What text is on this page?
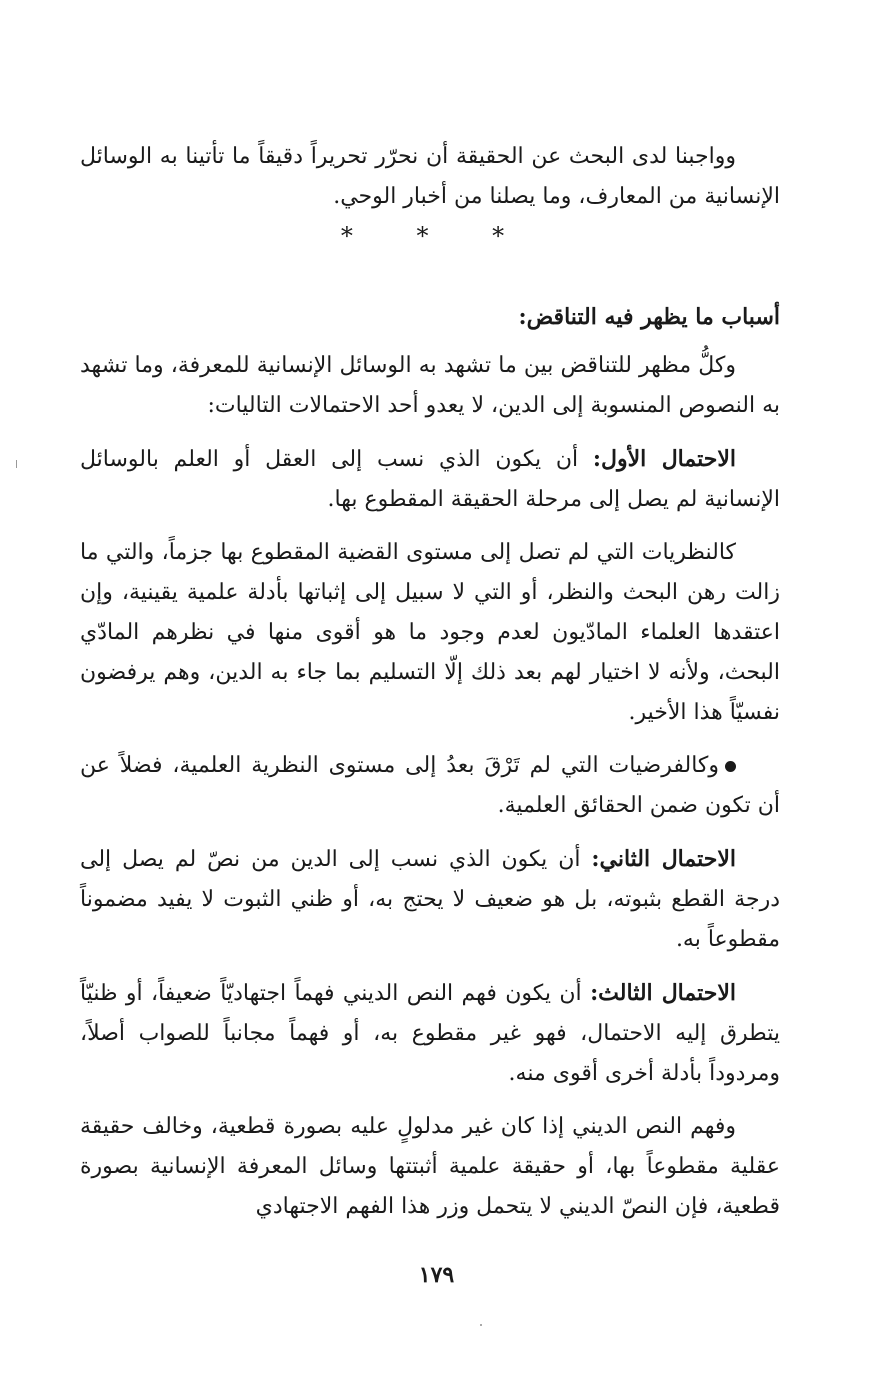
وواجبنا لدى البحث عن الحقيقة أن نحرّر تحريراً دقيقاً ما تأتينا به الوسائل الإنسانية من المعارف، وما يصلنا من أخبار الوحي.

* * *
أسباب ما يظهر فيه التناقض:

وكلُّ مظهر للتناقض بين ما تشهد به الوسائل الإنسانية للمعرفة، وما تشهد به النصوص المنسوبة إلى الدين، لا يعدو أحد الاحتمالات التاليات:

الاحتمال الأول: أن يكون الذي نسب إلى العقل أو العلم بالوسائل الإنسانية لم يصل إلى مرحلة الحقيقة المقطوع بها.

كالنظريات التي لم تصل إلى مستوى القضية المقطوع بها جزماً، والتي ما زالت رهن البحث والنظر، أو التي لا سبيل إلى إثباتها بأدلة علمية يقينية، وإن اعتقدها العلماء المادّيون لعدم وجود ما هو أقوى منها في نظرهم المادّي البحث، ولأنه لا اختيار لهم بعد ذلك إلّا التسليم بما جاء به الدين، وهم يرفضون نفسيّاً هذا الأخير.

وكالفرضيات التي لم تَرْقَ بعدُ إلى مستوى النظرية العلمية، فضلاً عن أن تكون ضمن الحقائق العلمية.

الاحتمال الثاني: أن يكون الذي نسب إلى الدين من نصّ لم يصل إلى درجة القطع بثبوته، بل هو ضعيف لا يحتج به، أو ظني الثبوت لا يفيد مضموناً مقطوعاً به.

الاحتمال الثالث: أن يكون فهم النص الديني فهماً اجتهاديّاً ضعيفاً، أو ظنيّاً يتطرق إليه الاحتمال، فهو غير مقطوع به، أو فهماً مجانباً للصواب أصلاً، ومردوداً بأدلة أخرى أقوى منه.

وفهم النص الديني إذا كان غير مدلولٍ عليه بصورة قطعية، وخالف حقيقة عقلية مقطوعاً بها، أو حقيقة علمية أثبتتها وسائل المعرفة الإنسانية بصورة قطعية، فإن النصّ الديني لا يتحمل وزر هذا الفهم الاجتهادي

١٧٩
